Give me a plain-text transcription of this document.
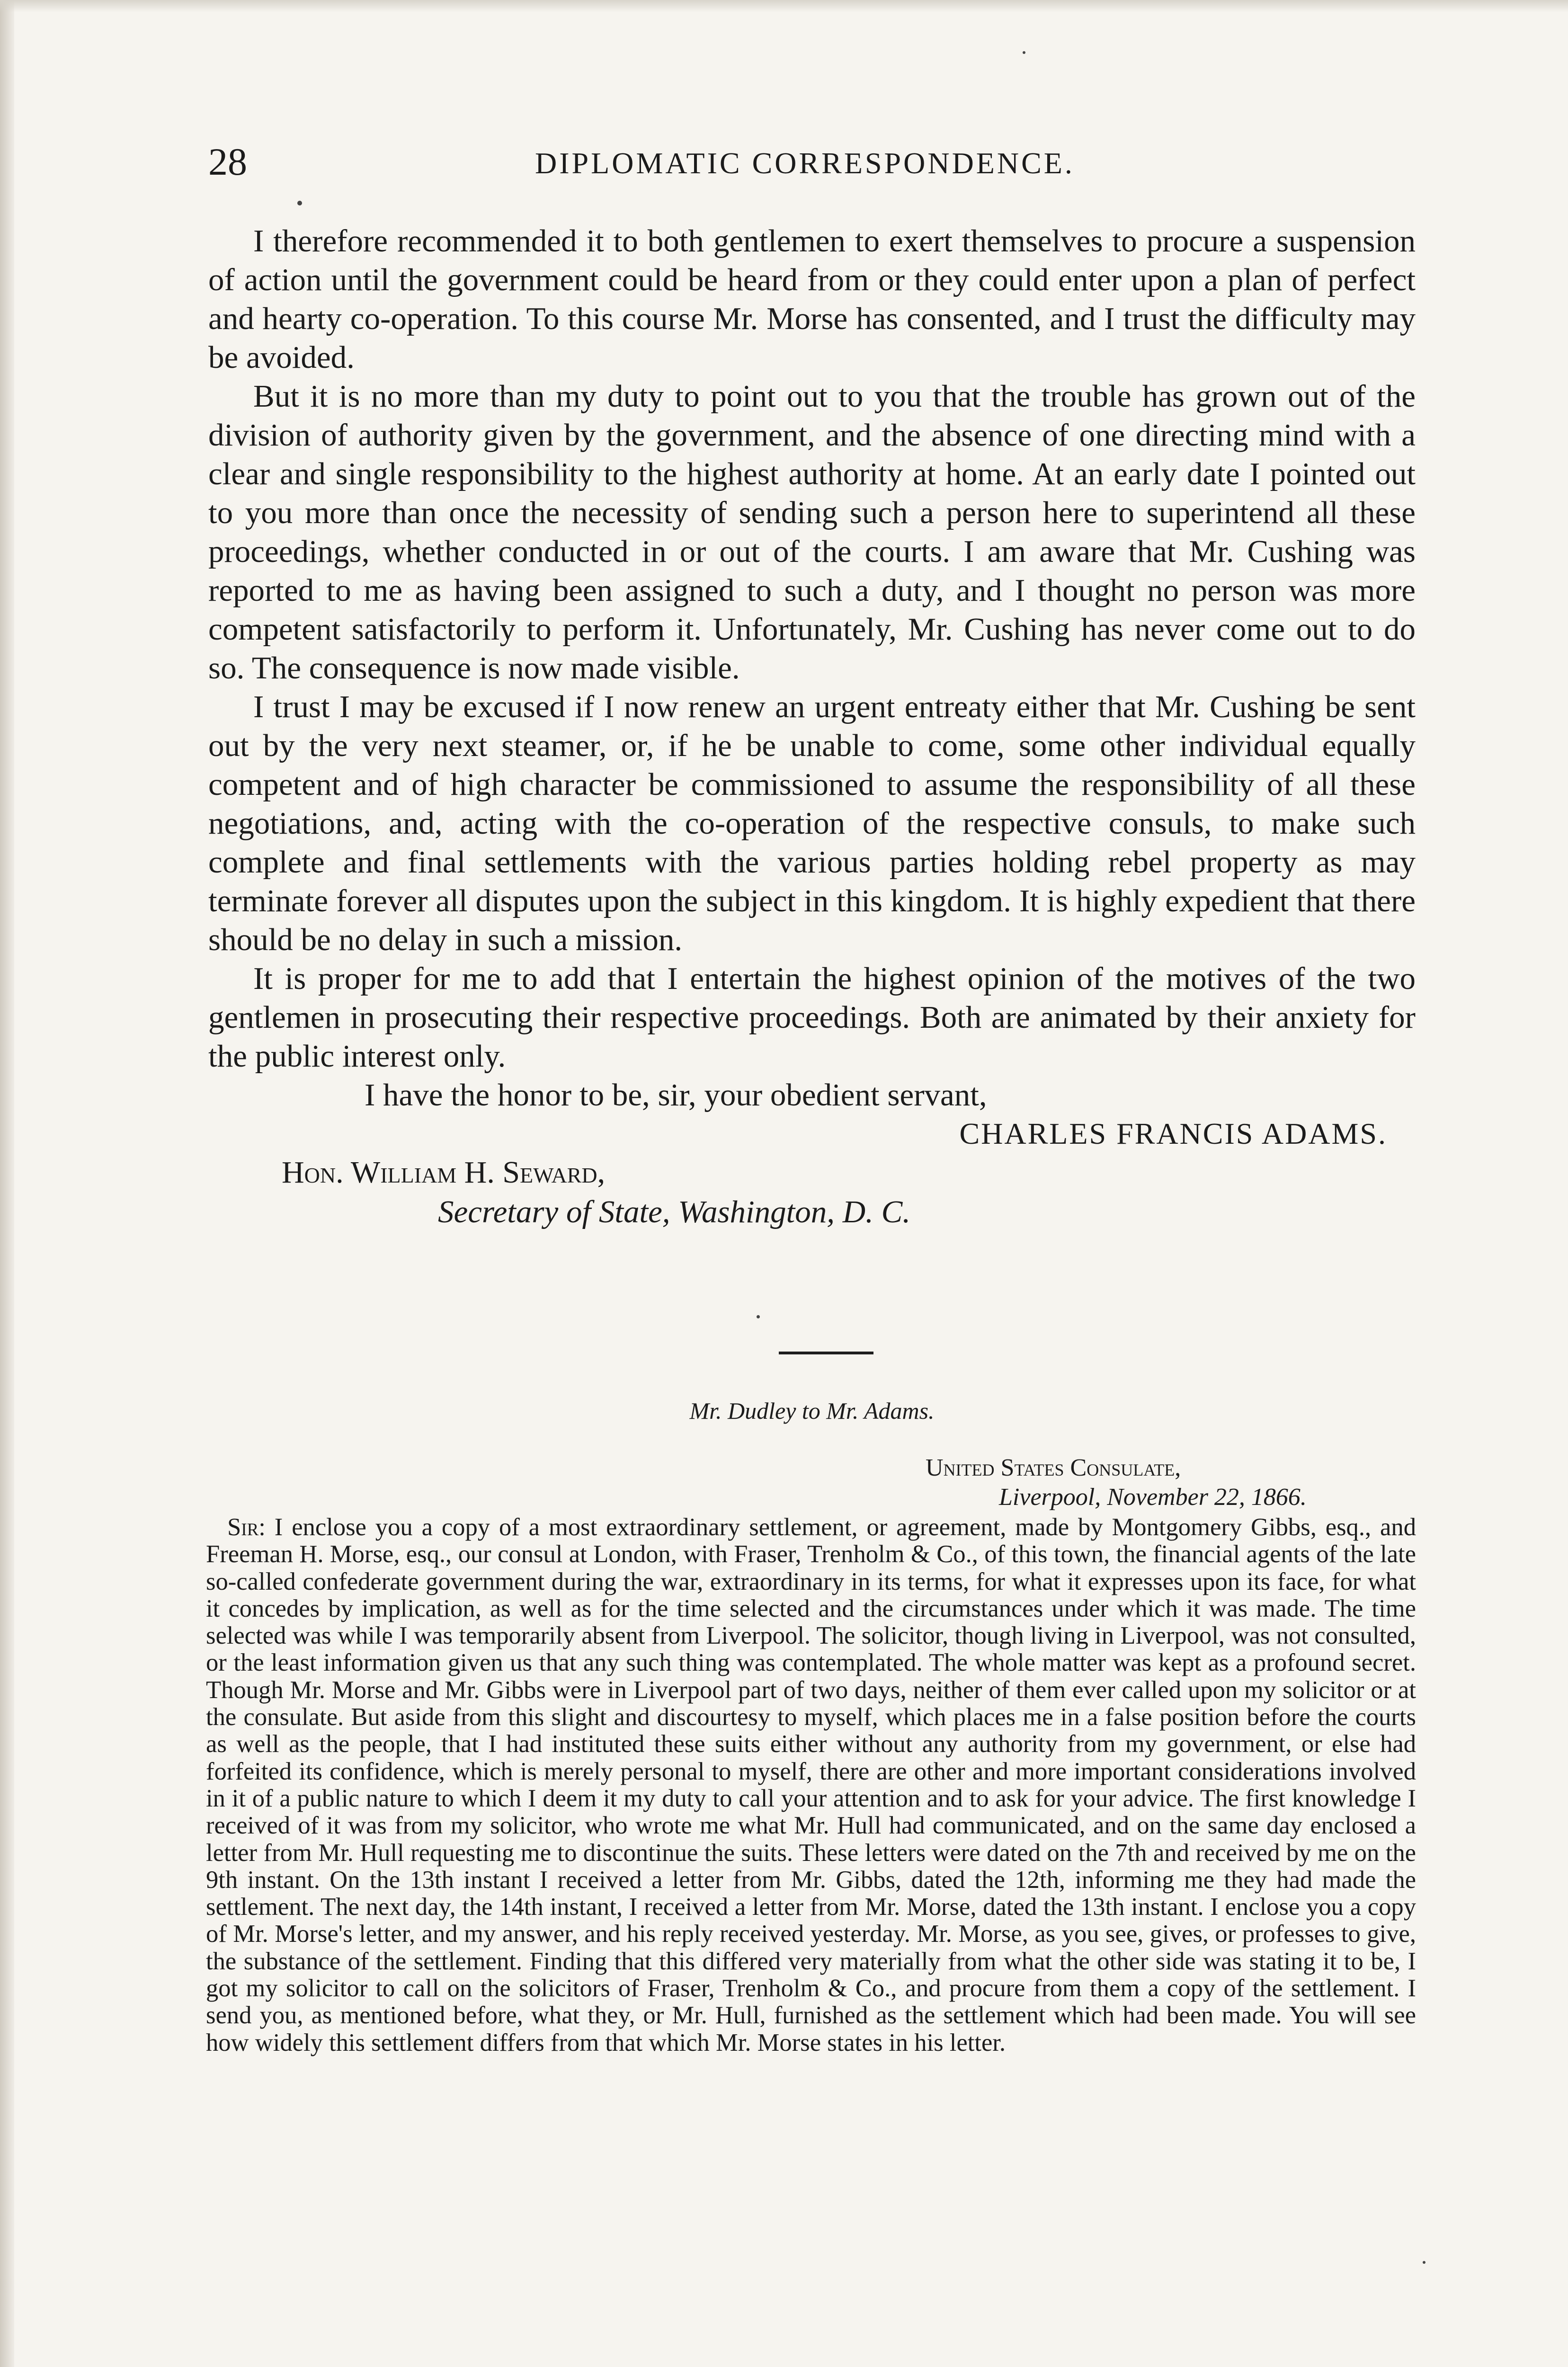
28	DIPLOMATIC CORRESPONDENCE.

I therefore recommended it to both gentlemen to exert themselves to procure a suspension of action until the government could be heard from or they could enter upon a plan of perfect and hearty co-operation. To this course Mr. Morse has consented, and I trust the difficulty may be avoided.

But it is no more than my duty to point out to you that the trouble has grown out of the division of authority given by the government, and the absence of one directing mind with a clear and single responsibility to the highest authority at home. At an early date I pointed out to you more than once the necessity of sending such a person here to superintend all these proceedings, whether conducted in or out of the courts. I am aware that Mr. Cushing was reported to me as having been assigned to such a duty, and I thought no person was more competent satisfactorily to perform it. Unfortunately, Mr. Cushing has never come out to do so. The consequence is now made visible.

I trust I may be excused if I now renew an urgent entreaty either that Mr. Cushing be sent out by the very next steamer, or, if he be unable to come, some other individual equally competent and of high character be commissioned to assume the responsibility of all these negotiations, and, acting with the co-operation of the respective consuls, to make such complete and final settlements with the various parties holding rebel property as may terminate forever all disputes upon the subject in this kingdom. It is highly expedient that there should be no delay in such a mission.

It is proper for me to add that I entertain the highest opinion of the motives of the two gentlemen in prosecuting their respective proceedings. Both are animated by their anxiety for the public interest only.

I have the honor to be, sir, your obedient servant,

CHARLES FRANCIS ADAMS.

Hon. William H. Seward,

Secretary of State, Washington, D. C.

Mr. Dudley to Mr. Adams.
United States Consulate,
Liverpool, November 22, 1866.

Sir: I enclose you a copy of a most extraordinary settlement, or agreement, made by Montgomery Gibbs, esq., and Freeman H. Morse, esq., our consul at London, with Fraser, Trenholm & Co., of this town, the financial agents of the late so-called confederate government during the war, extraordinary in its terms, for what it expresses upon its face, for what it concedes by implication, as well as for the time selected and the circumstances under which it was made. The time selected was while I was temporarily absent from Liverpool. The solicitor, though living in Liverpool, was not consulted, or the least information given us that any such thing was contemplated. The whole matter was kept as a profound secret. Though Mr. Morse and Mr. Gibbs were in Liverpool part of two days, neither of them ever called upon my solicitor or at the consulate. But aside from this slight and discourtesy to myself, which places me in a false position before the courts as well as the people, that I had instituted these suits either without any authority from my government, or else had forfeited its confidence, which is merely personal to myself, there are other and more important considerations involved in it of a public nature to which I deem it my duty to call your attention and to ask for your advice. The first knowledge I received of it was from my solicitor, who wrote me what Mr. Hull had communicated, and on the same day enclosed a letter from Mr. Hull requesting me to discontinue the suits. These letters were dated on the 7th and received by me on the 9th instant. On the 13th instant I received a letter from Mr. Gibbs, dated the 12th, informing me they had made the settlement. The next day, the 14th instant, I received a letter from Mr. Morse, dated the 13th instant. I enclose you a copy of Mr. Morse's letter, and my answer, and his reply received yesterday. Mr. Morse, as you see, gives, or professes to give, the substance of the settlement. Finding that this differed very materially from what the other side was stating it to be, I got my solicitor to call on the solicitors of Fraser, Trenholm & Co., and procure from them a copy of the settlement. I send you, as mentioned before, what they, or Mr. Hull, furnished as the settlement which had been made. You will see how widely this settlement differs from that which Mr. Morse states in his letter.
